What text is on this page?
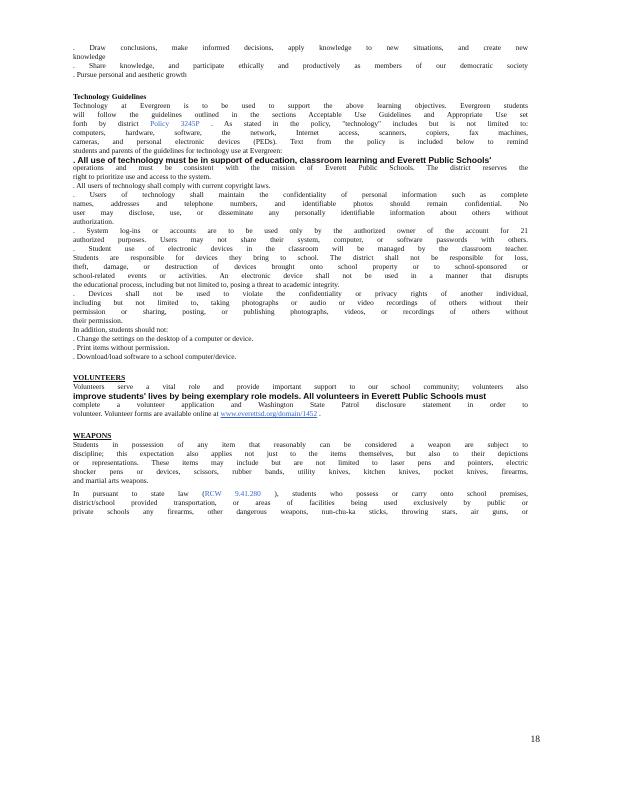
. Draw conclusions, make informed decisions, apply knowledge to new situations, and create new
knowledge
. Share knowledge, and participate ethically and productively as members of our democratic society
. Pursue personal and aesthetic growth
Technology Guidelines
Technology at Evergreen is to be used to support the above learning objectives. Evergreen students
will follow the guidelines outlined in the sections Acceptable Use Guidelines and Appropriate Use set
forth by district Policy 3245P . As stated in the policy, "technology" includes but is not limited to:
computers, hardware, software, the network, Internet access, scanners, copiers, fax machines,
cameras, and personal electronic devices (PEDs). Text from the policy is included below to remind
students and parents of the guidelines for technology use at Evergreen:
. All use of technology must be in support of education, classroom learning and Everett Public Schools'
operations and must be consistent with the mission of Everett Public Schools. The district reserves the
right to prioritize use and access to the system.
. All users of technology shall comply with current copyright laws.
. Users of technology shall maintain the confidentiality of personal information such as complete
names, addresses and telephone numbers, and identifiable photos should remain confidential. No
user may disclose, use, or disseminate any personally identifiable information about others without
authorization.
. System log-ins or accounts are to be used only by the authorized owner of the account for 21
authorized purposes. Users may not share their system, computer, or software passwords with others.
. Student use of electronic devices in the classroom will be managed by the classroom teacher.
Students are responsible for devices they bring to school. The district shall not be responsible for loss,
theft, damage, or destruction of devices brought onto school property or to school-sponsored or
school-related events or activities. An electronic device shall not be used in a manner that disrupts
the educational process, including but not limited to, posing a threat to academic integrity.
. Devices shall not be used to violate the confidentiality or privacy rights of another individual,
including but not limited to, taking photographs or audio or video recordings of others without their
permission or sharing, posting, or publishing photographs, videos, or recordings of others without
their permission.
In addition, students should not:
. Change the settings on the desktop of a computer or device.
. Print items without permission.
. Download/load software to a school computer/device.
VOLUNTEERS
Volunteers serve a vital role and provide important support to our school community; volunteers also
improve students' lives by being exemplary role models. All volunteers in Everett Public Schools must
complete a volunteer application and Washington State Patrol disclosure statement in order to
volunteer. Volunteer forms are available online at www.everettsd.org/domain/1452 .
WEAPONS
Students in possession of any item that reasonably can be considered a weapon are subject to
discipline; this expectation also applies not just to the items themselves, but also to their depictions
or representations. These items may include but are not limited to laser pens and pointers, electric
shocker pens or devices, scissors, rubber bands, utility knives, kitchen knives, pocket knives, firearms,
and martial arts weapons.
In pursuant to state law (RCW 9.41.280 ), students who possess or carry onto school premises,
district/school provided transportation, or areas of facilities being used exclusively by public or
private schools any firearms, other dangerous weapons, nun-chu-ka sticks, throwing stars, air guns, or
18
